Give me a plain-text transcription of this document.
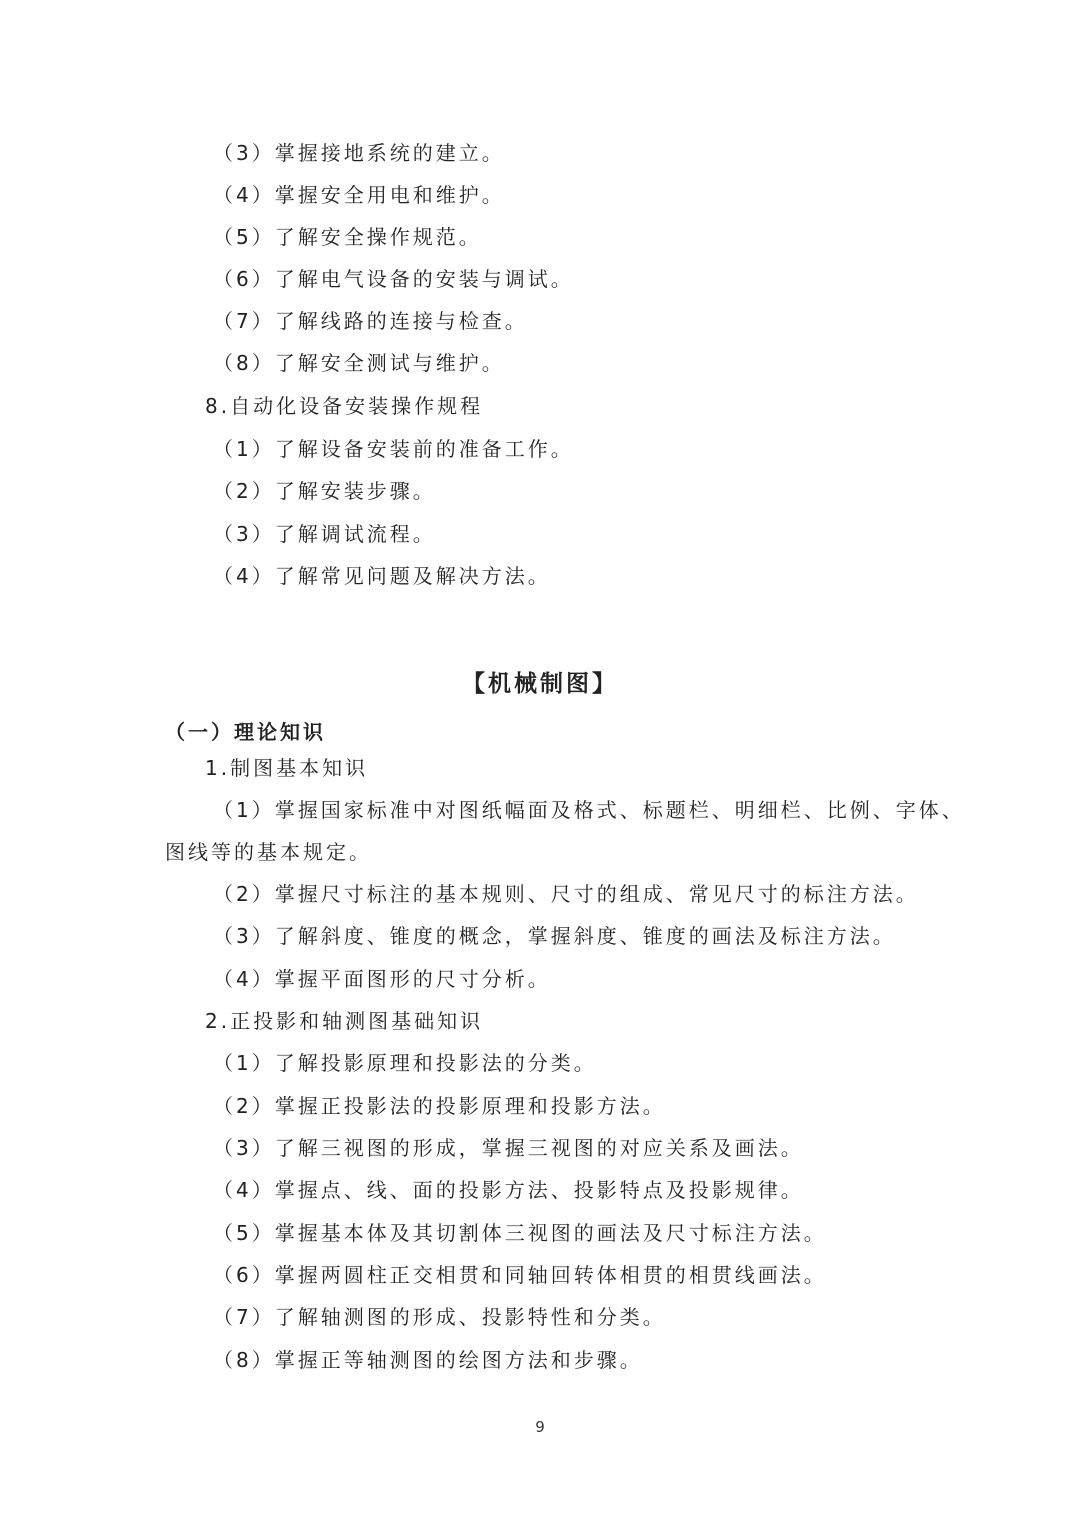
（3）掌握接地系统的建立。
（4）掌握安全用电和维护。
（5）了解安全操作规范。
（6）了解电气设备的安装与调试。
（7）了解线路的连接与检查。
（8）了解安全测试与维护。
8.自动化设备安装操作规程
（1）了解设备安装前的准备工作。
（2）了解安装步骤。
（3）了解调试流程。
（4）了解常见问题及解决方法。
【机械制图】
（一）理论知识
1.制图基本知识
（1）掌握国家标准中对图纸幅面及格式、标题栏、明细栏、比例、字体、
图线等的基本规定。
（2）掌握尺寸标注的基本规则、尺寸的组成、常见尺寸的标注方法。
（3）了解斜度、锥度的概念，掌握斜度、锥度的画法及标注方法。
（4）掌握平面图形的尺寸分析。
2.正投影和轴测图基础知识
（1）了解投影原理和投影法的分类。
（2）掌握正投影法的投影原理和投影方法。
（3）了解三视图的形成，掌握三视图的对应关系及画法。
（4）掌握点、线、面的投影方法、投影特点及投影规律。
（5）掌握基本体及其切割体三视图的画法及尺寸标注方法。
（6）掌握两圆柱正交相贯和同轴回转体相贯的相贯线画法。
（7）了解轴测图的形成、投影特性和分类。
（8）掌握正等轴测图的绘图方法和步骤。
9
